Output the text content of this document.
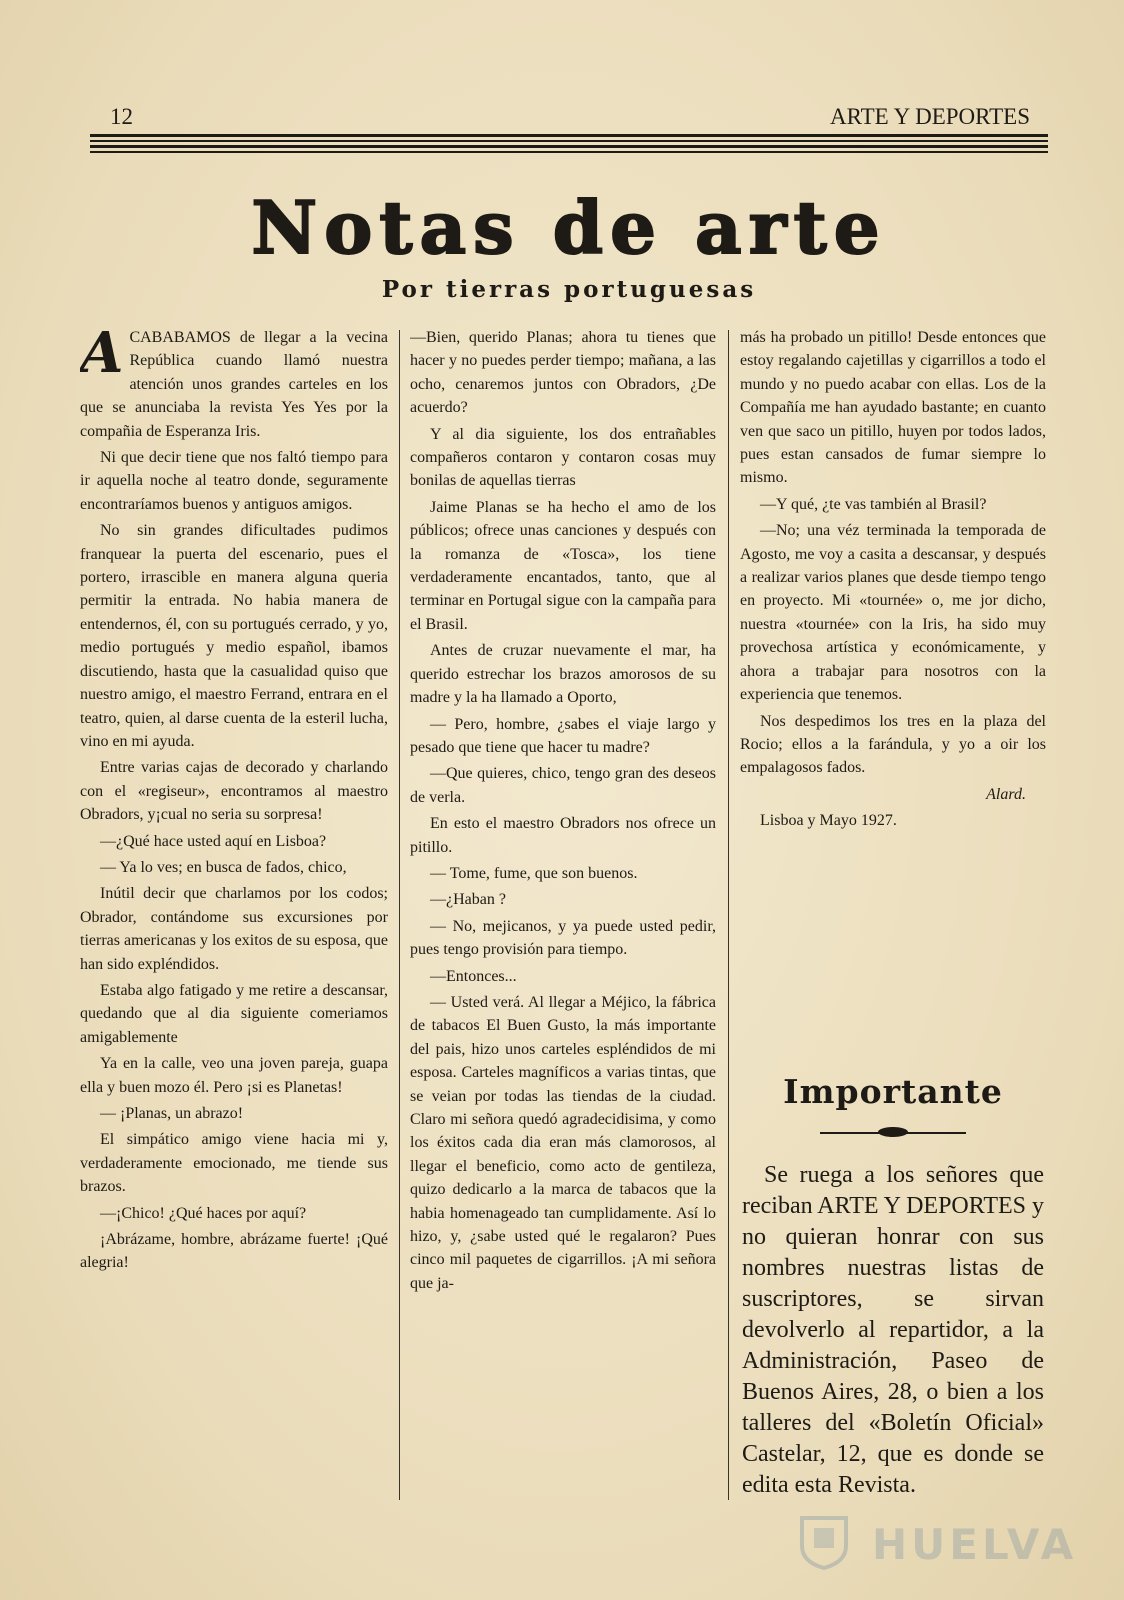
12	ARTE Y DEPORTES
Notas de arte
Por tierras portuguesas

A CABABAMOS de llegar a la vecina República cuando llamó nuestra atención unos grandes carteles en los que se anunciaba la revista Yes Yes por la compañia de Esperanza Iris.

Ni que decir tiene que nos faltó tiempo para ir aquella noche al teatro donde, seguramente encontraríamos buenos y antiguos amigos.

No sin grandes dificultades pudimos franquear la puerta del escenario, pues el portero, irrascible en manera alguna queria permitir la entrada. No habia manera de entendernos, él, con su portugués cerrado, y yo, medio portugués y medio español, ibamos discutiendo, hasta que la casualidad quiso que nuestro amigo, el maestro Ferrand, entrara en el teatro, quien, al darse cuenta de la esteril lucha, vino en mi ayuda.

Entre varias cajas de decorado y charlando con el «regiseur», encontramos al maestro Obradors, y¡cual no seria su sorpresa!

—¿Qué hace usted aquí en Lisboa?

— Ya lo ves; en busca de fados, chico,

Inútil decir que charlamos por los codos; Obrador, contándome sus excursiones por tierras americanas y los exitos de su esposa, que han sido expléndidos.

Estaba algo fatigado y me retire a descansar, quedando que al dia siguiente comeriamos amigablemente

Ya en la calle, veo una joven pareja, guapa ella y buen mozo él. Pero ¡si es Planetas!

— ¡Planas, un abrazo!

El simpático amigo viene hacia mi y, verdaderamente emocionado, me tiende sus brazos.

—¡Chico! ¿Qué haces por aquí?

¡Abrázame, hombre, abrázame fuerte! ¡Qué alegria!

—Bien, querido Planas; ahora tu tienes que hacer y no puedes perder tiempo; mañana, a las ocho, cenaremos juntos con Obradors, ¿De acuerdo?

Y al dia siguiente, los dos entrañables compañeros contaron y contaron cosas muy bonilas de aquellas tierras

Jaime Planas se ha hecho el amo de los públicos; ofrece unas canciones y después con la romanza de «Tosca», los tiene verdaderamente encantados, tanto, que al terminar en Portugal sigue con la campaña para el Brasil.

Antes de cruzar nuevamente el mar, ha querido estrechar los brazos amorosos de su madre y la ha llamado a Oporto,

— Pero, hombre, ¿sabes el viaje largo y pesado que tiene que hacer tu madre?

—Que quieres, chico, tengo gran des deseos de verla.

En esto el maestro Obradors nos ofrece un pitillo.

— Tome, fume, que son buenos.

—¿Haban ?

— No, mejicanos, y ya puede usted pedir, pues tengo provisión para tiempo.

—Entonces...

— Usted verá. Al llegar a Méjico, la fábrica de tabacos El Buen Gusto, la más importante del pais, hizo unos carteles espléndidos de mi esposa. Carteles magníficos a varias tintas, que se veian por todas las tiendas de la ciudad. Claro mi señora quedó agradecidisima, y como los éxitos cada dia eran más clamorosos, al llegar el beneficio, como acto de gentileza, quizo dedicarlo a la marca de tabacos que la habia homenageado tan cumplidamente. Así lo hizo, y, ¿sabe usted qué le regalaron? Pues cinco mil paquetes de cigarrillos. ¡A mi señora que ja-

más ha probado un pitillo! Desde entonces que estoy regalando cajetillas y cigarrillos a todo el mundo y no puedo acabar con ellas. Los de la Compañía me han ayudado bastante; en cuanto ven que saco un pitillo, huyen por todos lados, pues estan cansados de fumar siempre lo mismo.

—Y qué, ¿te vas también al Brasil?

—No; una véz terminada la temporada de Agosto, me voy a casita a descansar, y después a realizar varios planes que desde tiempo tengo en proyecto. Mi «tournée» o, me jor dicho, nuestra «tournée» con la Iris, ha sido muy provechosa artística y económicamente, y ahora a trabajar para nosotros con la experiencia que tenemos.

Nos despedimos los tres en la plaza del Rocio; ellos a la farándula, y yo a oir los empalagosos fados.

Alard.

Lisboa y Mayo 1927.

Importante

Se ruega a los señores que reciban ARTE Y DEPORTES y no quieran honrar con sus nombres nuestras listas de suscriptores, se sirvan devolverlo al repartidor, a la Administración, Paseo de Buenos Aires, 28, o bien a los talleres del «Boletín Oficial» Castelar, 12, que es donde se edita esta Revista.

HUELVA
